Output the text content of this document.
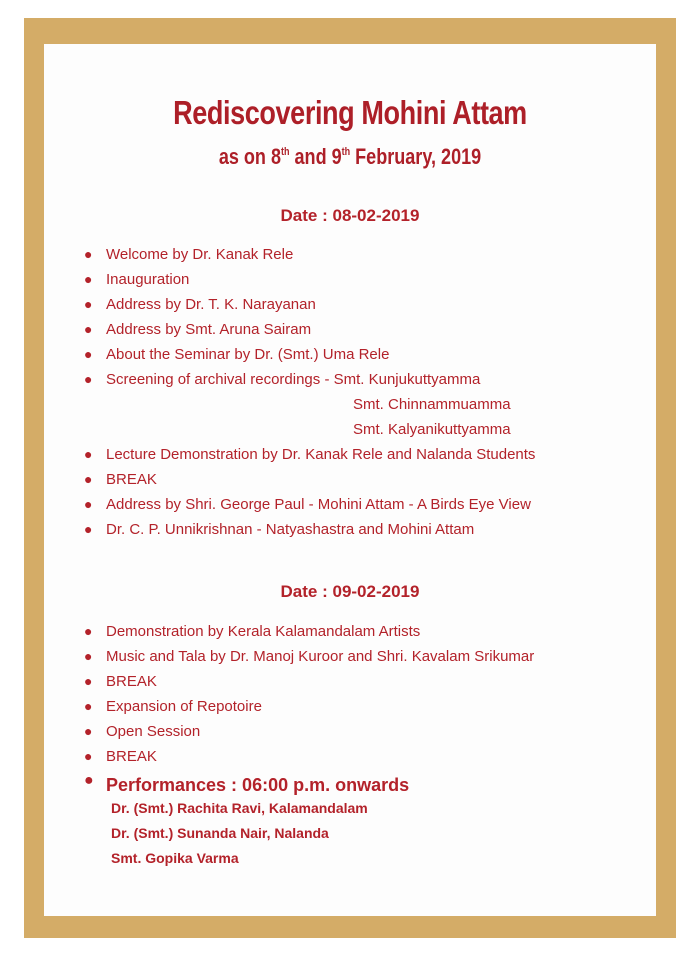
Rediscovering Mohini Attam
as on 8th and 9th February, 2019
Date : 08-02-2019
● Welcome by Dr. Kanak Rele
● Inauguration
● Address by Dr. T. K. Narayanan
● Address by Smt. Aruna Sairam
● About the Seminar by Dr. (Smt.) Uma Rele
● Screening of archival recordings - Smt. Kunjukuttyamma
Smt. Chinnammuamma
Smt. Kalyanikuttyamma
● Lecture Demonstration by Dr. Kanak Rele and Nalanda Students
● BREAK
● Address by Shri. George Paul - Mohini Attam - A Birds Eye View
● Dr. C. P. Unnikrishnan - Natyashastra and Mohini Attam
Date : 09-02-2019
● Demonstration by Kerala Kalamandalam Artists
● Music and Tala by Dr. Manoj Kuroor and Shri. Kavalam Srikumar
● BREAK
● Expansion of Repotoire
● Open Session
● BREAK
● Performances : 06:00 p.m. onwards
Dr. (Smt.) Rachita Ravi, Kalamandalam
Dr. (Smt.) Sunanda Nair, Nalanda
Smt. Gopika Varma
